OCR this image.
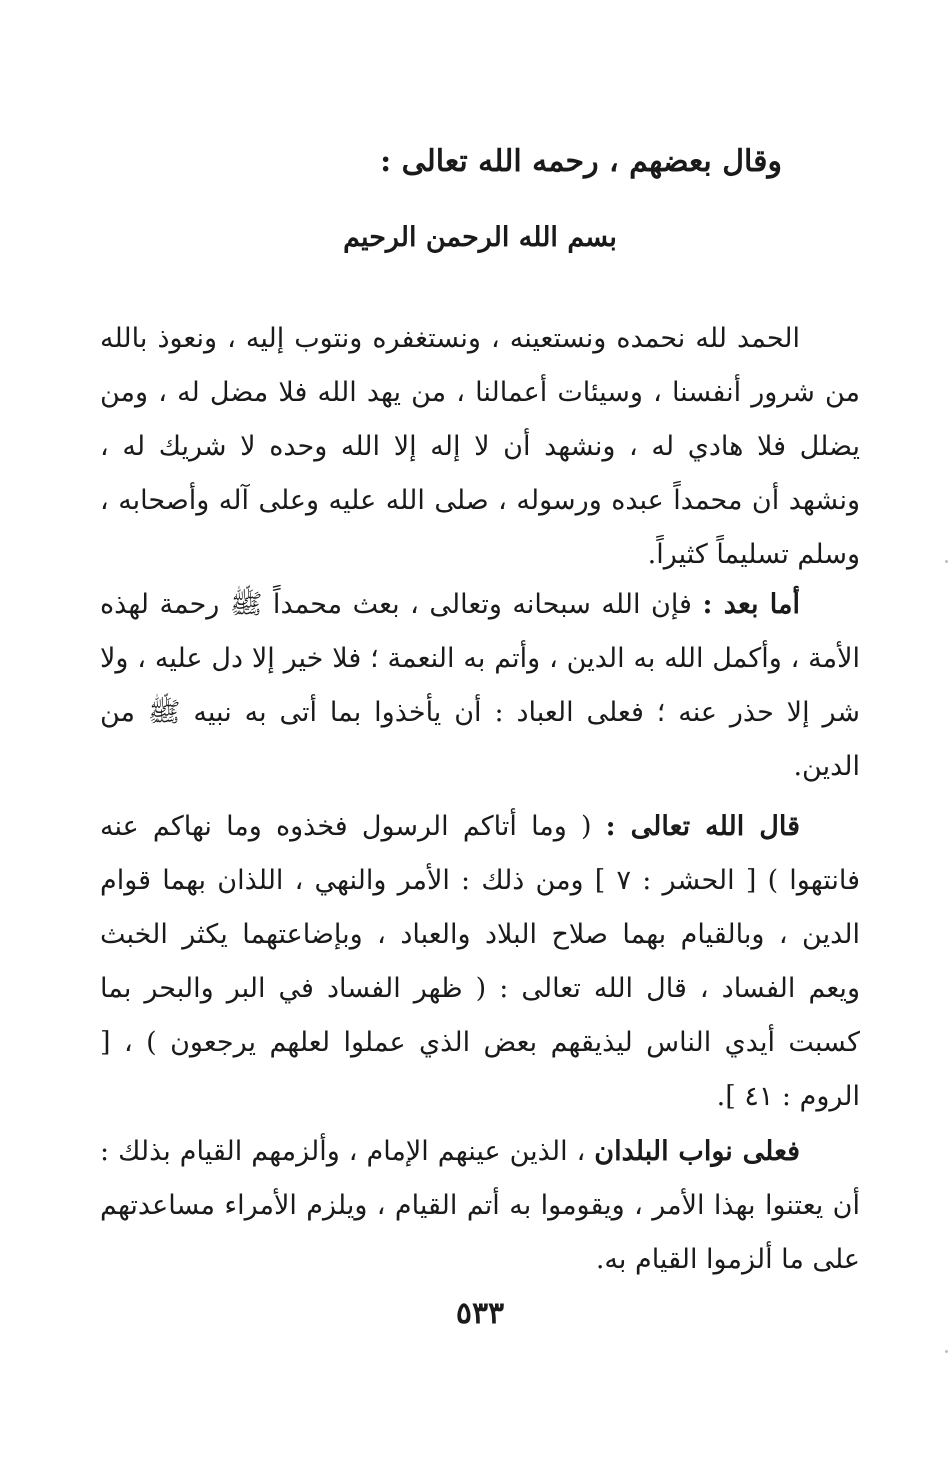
وقال بعضهم ، رحمه الله تعالى :
بسم الله الرحمن الرحيم

الحمد لله نحمده ونستعينه ، ونستغفره ونتوب إليه ، ونعوذ بالله من شرور أنفسنا ، وسيئات أعمالنا ، من يهد الله فلا مضل له ، ومن يضلل فلا هادي له ، ونشهد أن لا إله إلا الله وحده لا شريك له ، ونشهد أن محمداً عبده ورسوله ، صلى الله عليه وعلى آله وأصحابه ، وسلم تسليماً كثيراً.

أما بعد : فإن الله سبحانه وتعالى ، بعث محمداً ﷺ رحمة لهذه الأمة ، وأكمل الله به الدين ، وأتم به النعمة ؛ فلا خير إلا دل عليه ، ولا شر إلا حذر عنه ؛ فعلى العباد : أن يأخذوا بما أتى به نبيه ﷺ من الدين.

قال الله تعالى : ( وما أتاكم الرسول فخذوه وما نهاكم عنه فانتهوا ) [ الحشر : ٧ ] ومن ذلك : الأمر والنهي ، اللذان بهما قوام الدين ، وبالقيام بهما صلاح البلاد والعباد ، وبإضاعتهما يكثر الخبث ويعم الفساد ، قال الله تعالى : ( ظهر الفساد في البر والبحر بما كسبت أيدي الناس ليذيقهم بعض الذي عملوا لعلهم يرجعون ) ، [ الروم : ٤١ ].

فعلى نواب البلدان ، الذين عينهم الإمام ، وألزمهم القيام بذلك : أن يعتنوا بهذا الأمر ، ويقوموا به أتم القيام ، ويلزم الأمراء مساعدتهم على ما ألزموا القيام به.

٥٣٣
